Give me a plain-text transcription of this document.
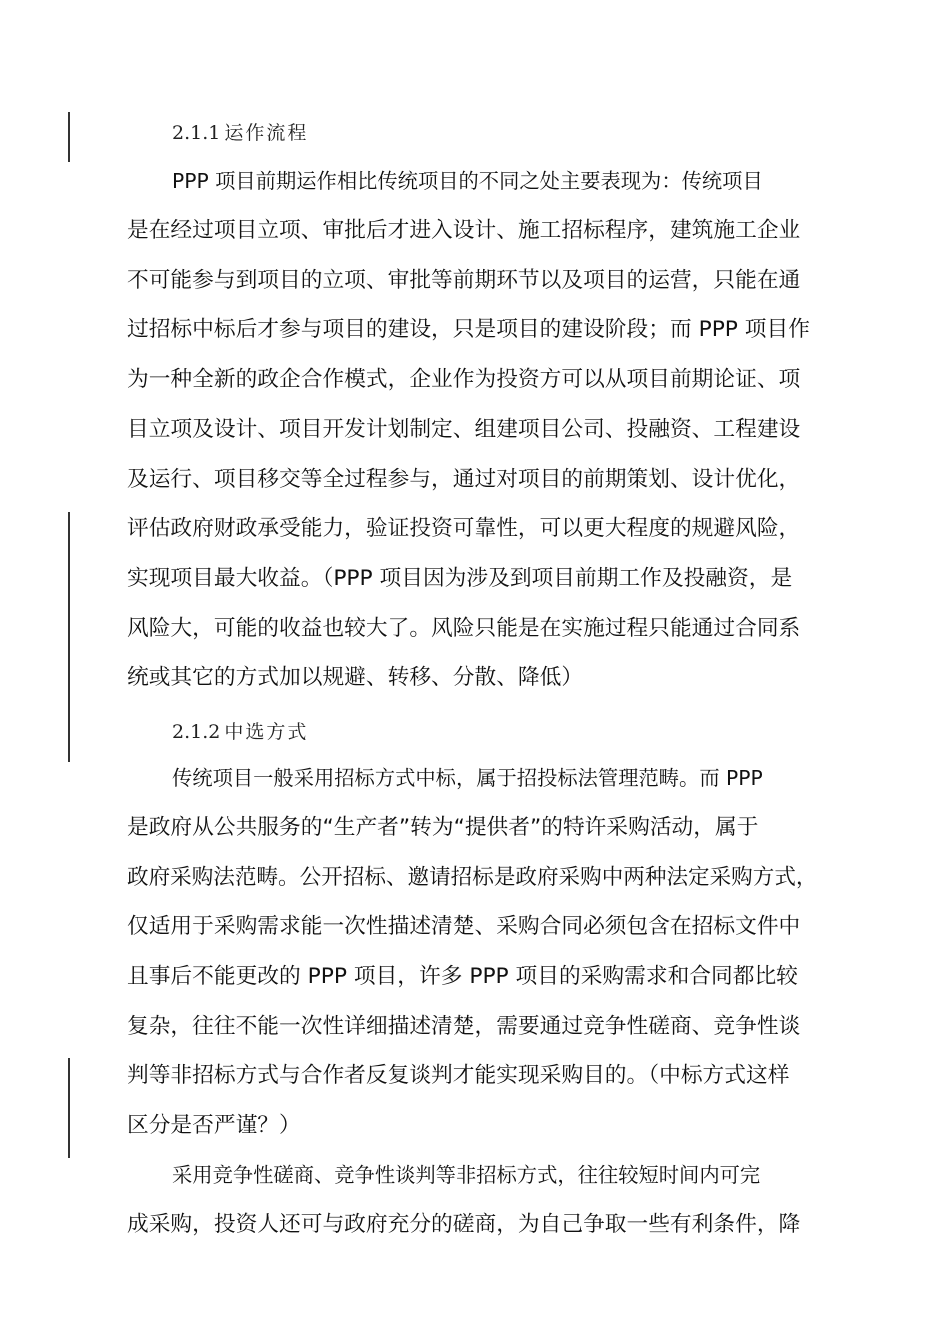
2.1.1 运作流程
PPP 项目前期运作相比传统项目的不同之处主要表现为：传统项目
是在经过项目立项、审批后才进入设计、施工招标程序，建筑施工企业
不可能参与到项目的立项、审批等前期环节以及项目的运营，只能在通
过招标中标后才参与项目的建设，只是项目的建设阶段；而 PPP 项目作
为一种全新的政企合作模式，企业作为投资方可以从项目前期论证、项
目立项及设计、项目开发计划制定、组建项目公司、投融资、工程建设
及运行、项目移交等全过程参与，通过对项目的前期策划、设计优化，
评估政府财政承受能力，验证投资可靠性，可以更大程度的规避风险，
实现项目最大收益。（PPP 项目因为涉及到项目前期工作及投融资，是
风险大，可能的收益也较大了。风险只能是在实施过程只能通过合同系
统或其它的方式加以规避、转移、分散、降低）
2.1.2 中选方式
传统项目一般采用招标方式中标，属于招投标法管理范畴。而 PPP
是政府从公共服务的“生产者”转为“提供者”的特许采购活动，属于
政府采购法范畴。公开招标、邀请招标是政府采购中两种法定采购方式，
仅适用于采购需求能一次性描述清楚、采购合同必须包含在招标文件中
且事后不能更改的 PPP 项目，许多 PPP 项目的采购需求和合同都比较
复杂，往往不能一次性详细描述清楚，需要通过竞争性磋商、竞争性谈
判等非招标方式与合作者反复谈判才能实现采购目的。（中标方式这样
区分是否严谨？）
采用竞争性磋商、竞争性谈判等非招标方式，往往较短时间内可完
成采购，投资人还可与政府充分的磋商，为自己争取一些有利条件，降
